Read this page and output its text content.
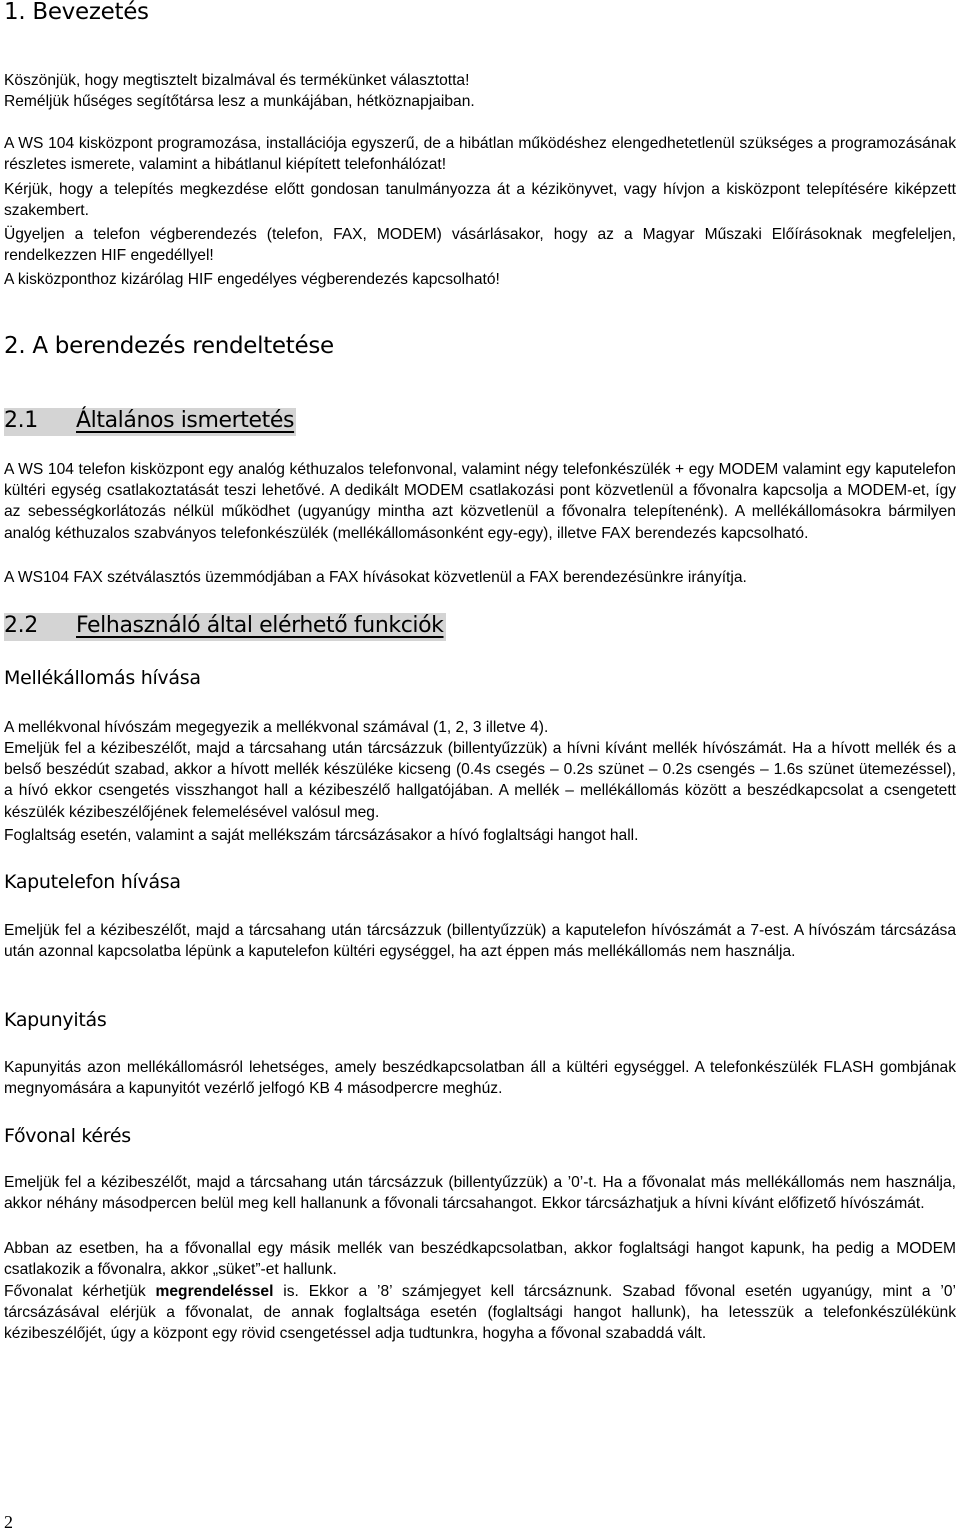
1. Bevezetés

Köszönjük, hogy megtisztelt bizalmával és termékünket választotta!

Reméljük hűséges segítőtársa lesz a munkájában, hétköznapjaiban.

A WS 104 kisközpont programozása, installációja egyszerű, de a hibátlan működéshez elengedhetetlenül szükséges a programozásának részletes ismerete, valamint a hibátlanul kiépített telefonhálózat!

Kérjük, hogy a telepítés megkezdése előtt gondosan tanulmányozza át a kézikönyvet, vagy hívjon a kisközpont telepítésére kiképzett szakembert.

Ügyeljen a telefon végberendezés (telefon, FAX, MODEM) vásárlásakor, hogy az a Magyar Műszaki Előírásoknak megfeleljen, rendelkezzen HIF engedéllyel!

A kisközponthoz kizárólag HIF engedélyes végberendezés kapcsolható!

2. A berendezés rendeltetése
2.1 Általános ismertetés

A WS 104 telefon kisközpont egy analóg kéthuzalos telefonvonal, valamint négy telefonkészülék + egy MODEM valamint egy kaputelefon kültéri egység csatlakoztatását teszi lehetővé. A dedikált MODEM csatlakozási pont közvetlenül a fővonalra kapcsolja a MODEM-et, így az sebességkorlátozás nélkül működhet (ugyanúgy mintha azt közvetlenül a fővonalra telepítenénk). A mellékállomásokra bármilyen analóg kéthuzalos szabványos telefonkészülék (mellékállomásonként egy-egy), illetve FAX berendezés kapcsolható.

A WS104 FAX szétválasztós üzemmódjában a FAX hívásokat közvetlenül a FAX berendezésünkre irányítja.

2.2 Felhasználó által elérhető funkciók
Mellékállomás hívása

A mellékvonal hívószám megegyezik a mellékvonal számával (1, 2, 3 illetve 4).

Emeljük fel a kézibeszélőt, majd a tárcsahang után tárcsázzuk (billentyűzzük) a hívni kívánt mellék hívószámát. Ha a hívott mellék és a belső beszédút szabad, akkor a hívott mellék készüléke kicseng (0.4s csegés – 0.2s szünet – 0.2s csengés – 1.6s szünet ütemezéssel), a hívó ekkor csengetés visszhangot hall a kézibeszélő hallgatójában. A mellék – mellékállomás között a beszédkapcsolat a csengetett készülék kézibeszélőjének felemelésével valósul meg.

Foglaltság esetén, valamint a saját mellékszám tárcsázásakor a hívó foglaltsági hangot hall.

Kaputelefon hívása

Emeljük fel a kézibeszélőt, majd a tárcsahang után tárcsázzuk (billentyűzzük) a kaputelefon hívószámát a 7-est. A hívószám tárcsázása után azonnal kapcsolatba lépünk a kaputelefon kültéri egységgel, ha azt éppen más mellékállomás nem használja.

Kapunyitás

Kapunyitás azon mellékállomásról lehetséges, amely beszédkapcsolatban áll a kültéri egységgel. A telefonkészülék FLASH gombjának megnyomására a kapunyitót vezérlő jelfogó KB 4 másodpercre meghúz.

Fővonal kérés

Emeljük fel a kézibeszélőt, majd a tárcsahang után tárcsázzuk (billentyűzzük) a ’0’-t. Ha a fővonalat más mellékállomás nem használja, akkor néhány másodpercen belül meg kell hallanunk a fővonali tárcsahangot. Ekkor tárcsázhatjuk a hívni kívánt előfizető hívószámát.

Abban az esetben, ha a fővonallal egy másik mellék van beszédkapcsolatban, akkor foglaltsági hangot kapunk, ha pedig a MODEM csatlakozik a fővonalra, akkor „süket”-et hallunk.

Fővonalat kérhetjük megrendeléssel is. Ekkor a ’8’ számjegyet kell tárcsáznunk. Szabad fővonal esetén ugyanúgy, mint a ’0’ tárcsázásával elérjük a fővonalat, de annak foglaltsága esetén (foglaltsági hangot hallunk), ha letesszük a telefonkészülékünk kézibeszélőjét, úgy a központ egy rövid csengetéssel adja tudtunkra, hogyha a fővonal szabaddá vált.

2
